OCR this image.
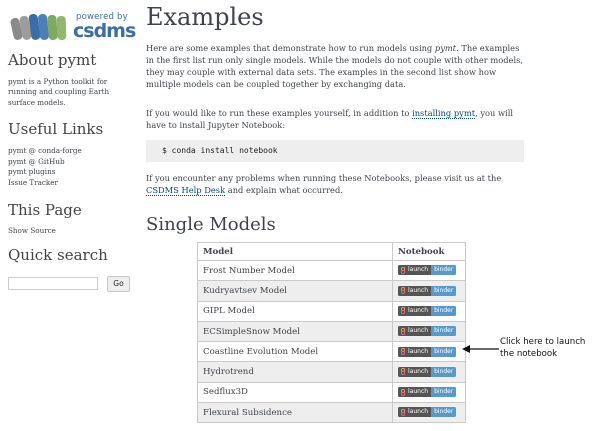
powered by
csdms
About pymt

pymt is a Python toolkit for running and coupling Earth surface models.

Useful Links
pymt @ conda-forge
pymt @ GitHub
pymt plugins
Issue Tracker
This Page
Show Source
Quick search
Go
Examples

Here are some examples that demonstrate how to run models using pymt. The examples in the first list run only single models. While the models do not couple with other models, they may couple with external data sets. The examples in the second list show how multiple models can be coupled together by exchanging data.

If you would like to run these examples yourself, in addition to installing pymt, you will have to install Jupyter Notebook:

$ conda install notebook

If you encounter any problems when running these Notebooks, please visit us at the CSDMS Help Desk and explain what occurred.

Single Models
Model	Notebook
Frost Number Model	launch binder

Kudryavtsev Model	launch binder

GIPL Model	launch binder

ECSimpleSnow Model	launch binder

Coastline Evolution Model	launch binder

Hydrotrend	launch binder

Sedflux3D	launch binder

Flexural Subsidence	launch binder

Click here to launch the notebook
